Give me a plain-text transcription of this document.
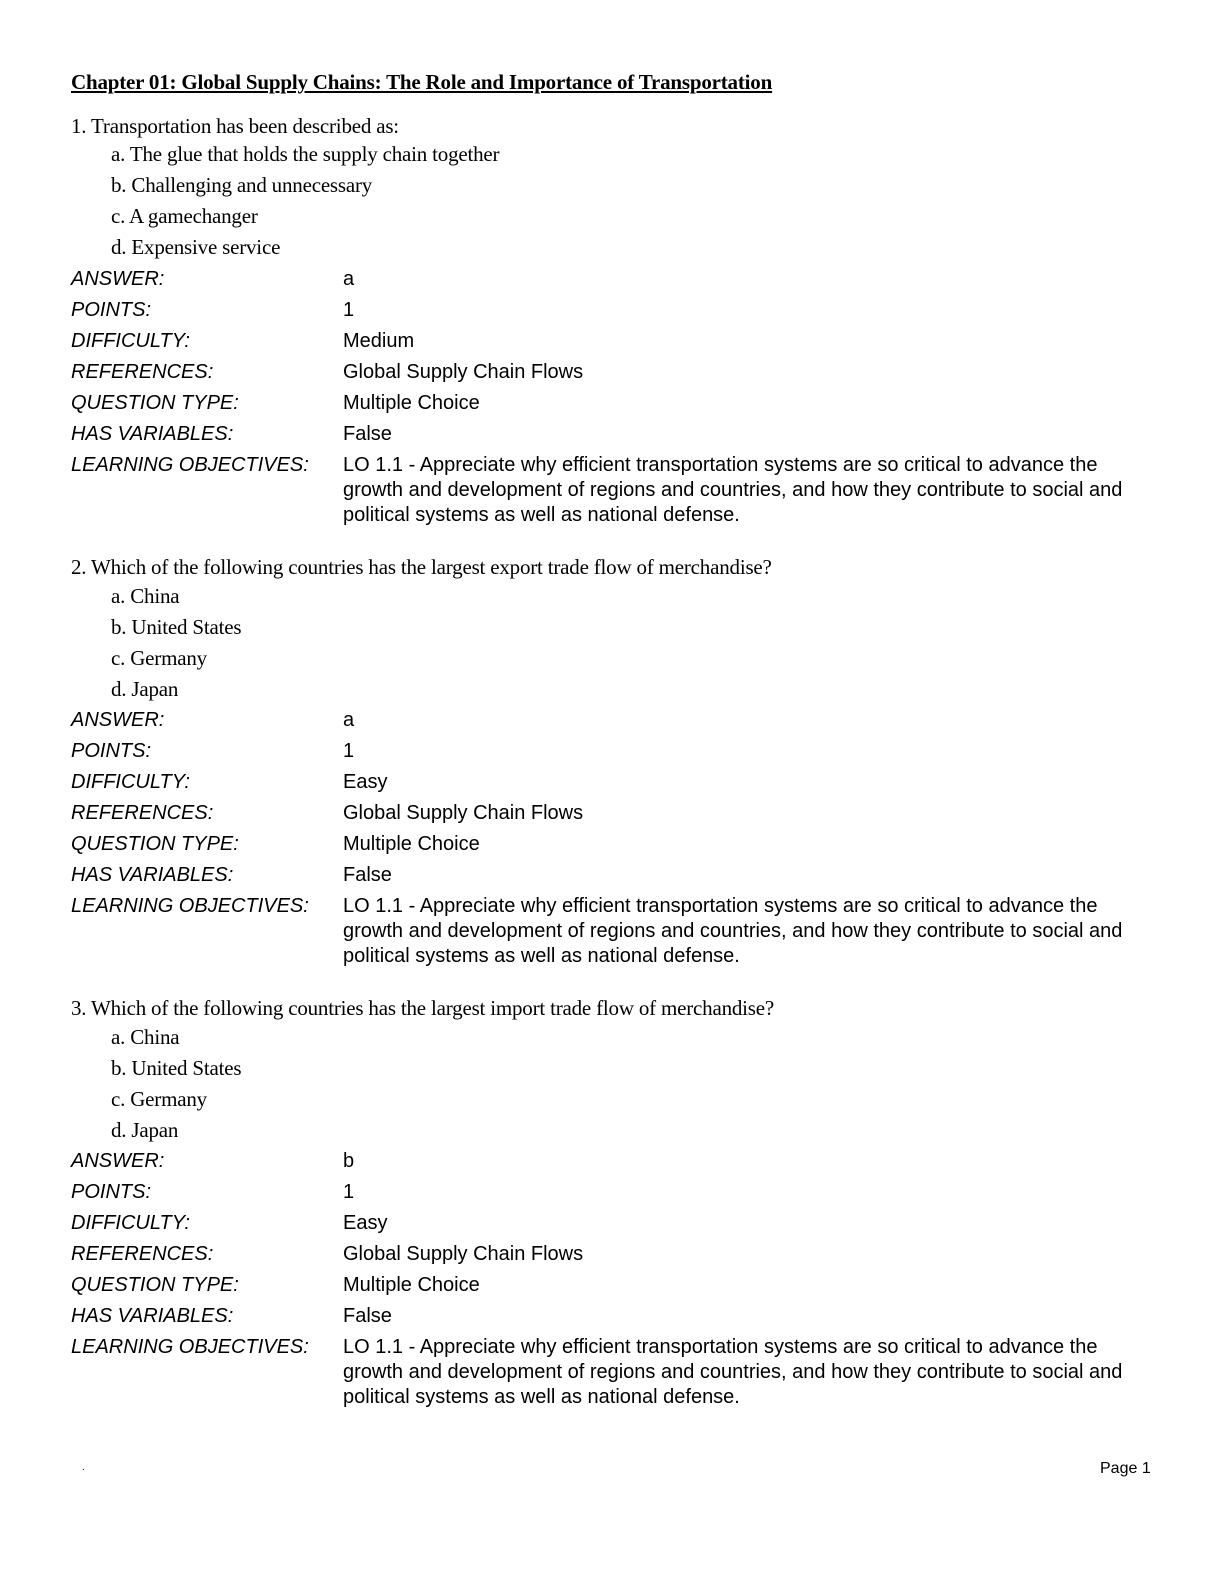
Chapter 01: Global Supply Chains: The Role and Importance of Transportation
1. Transportation has been described as:
a. The glue that holds the supply chain together
b. Challenging and unnecessary
c. A gamechanger
d. Expensive service
ANSWER:	a
POINTS:	1
DIFFICULTY:	Medium
REFERENCES:	Global Supply Chain Flows
QUESTION TYPE:	Multiple Choice
HAS VARIABLES:	False
LEARNING OBJECTIVES: LO 1.1 - Appreciate why efficient transportation systems are so critical to advance the growth and development of regions and countries, and how they contribute to social and political systems as well as national defense.
2. Which of the following countries has the largest export trade flow of merchandise?
a. China
b. United States
c. Germany
d. Japan
ANSWER:	a
POINTS:	1
DIFFICULTY:	Easy
REFERENCES:	Global Supply Chain Flows
QUESTION TYPE:	Multiple Choice
HAS VARIABLES:	False
LEARNING OBJECTIVES: LO 1.1 - Appreciate why efficient transportation systems are so critical to advance the growth and development of regions and countries, and how they contribute to social and political systems as well as national defense.
3. Which of the following countries has the largest import trade flow of merchandise?
a. China
b. United States
c. Germany
d. Japan
ANSWER:	b
POINTS:	1
DIFFICULTY:	Easy
REFERENCES:	Global Supply Chain Flows
QUESTION TYPE:	Multiple Choice
HAS VARIABLES:	False
LEARNING OBJECTIVES: LO 1.1 - Appreciate why efficient transportation systems are so critical to advance the growth and development of regions and countries, and how they contribute to social and political systems as well as national defense.
.	Page 1
